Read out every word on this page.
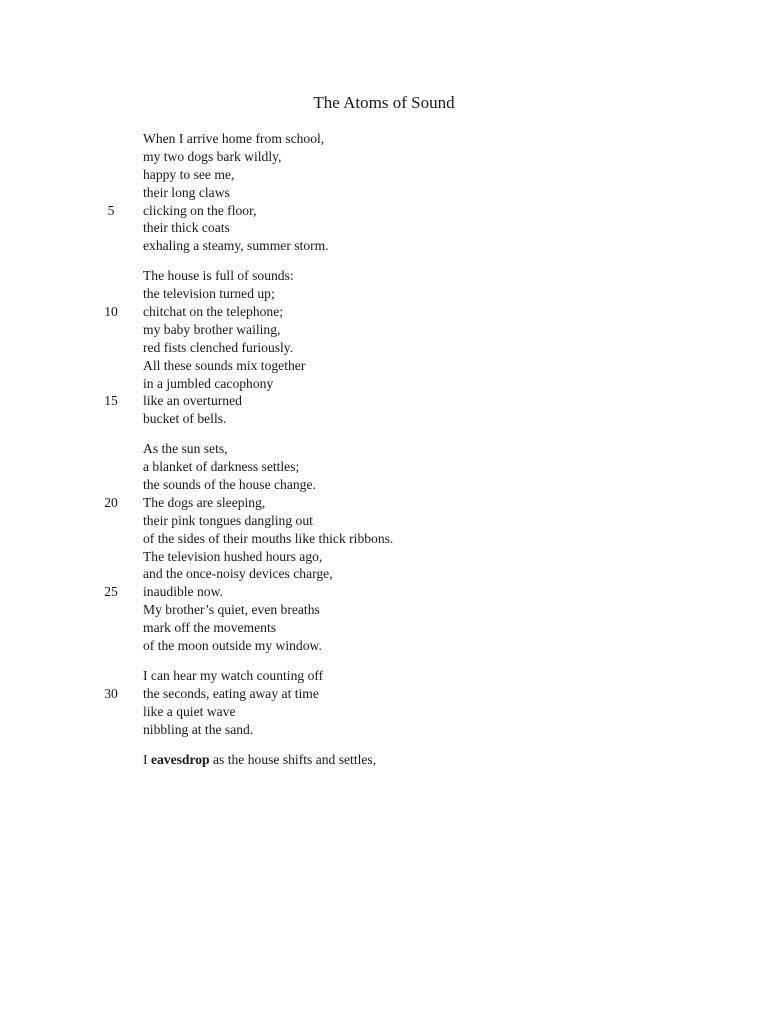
The Atoms of Sound
When I arrive home from school,
my two dogs bark wildly,
happy to see me,
their long claws
5	clicking on the floor,
their thick coats
exhaling a steamy, summer storm.
The house is full of sounds:
the television turned up;
10	chitchat on the telephone;
my baby brother wailing,
red fists clenched furiously.
All these sounds mix together
in a jumbled cacophony
15	like an overturned
bucket of bells.
As the sun sets,
a blanket of darkness settles;
the sounds of the house change.
20	The dogs are sleeping,
their pink tongues dangling out
of the sides of their mouths like thick ribbons.
The television hushed hours ago,
and the once-noisy devices charge,
25	inaudible now.
My brother’s quiet, even breaths
mark off the movements
of the moon outside my window.
I can hear my watch counting off
30	the seconds, eating away at time
like a quiet wave
nibbling at the sand.
I eavesdrop as the house shifts and settles,
